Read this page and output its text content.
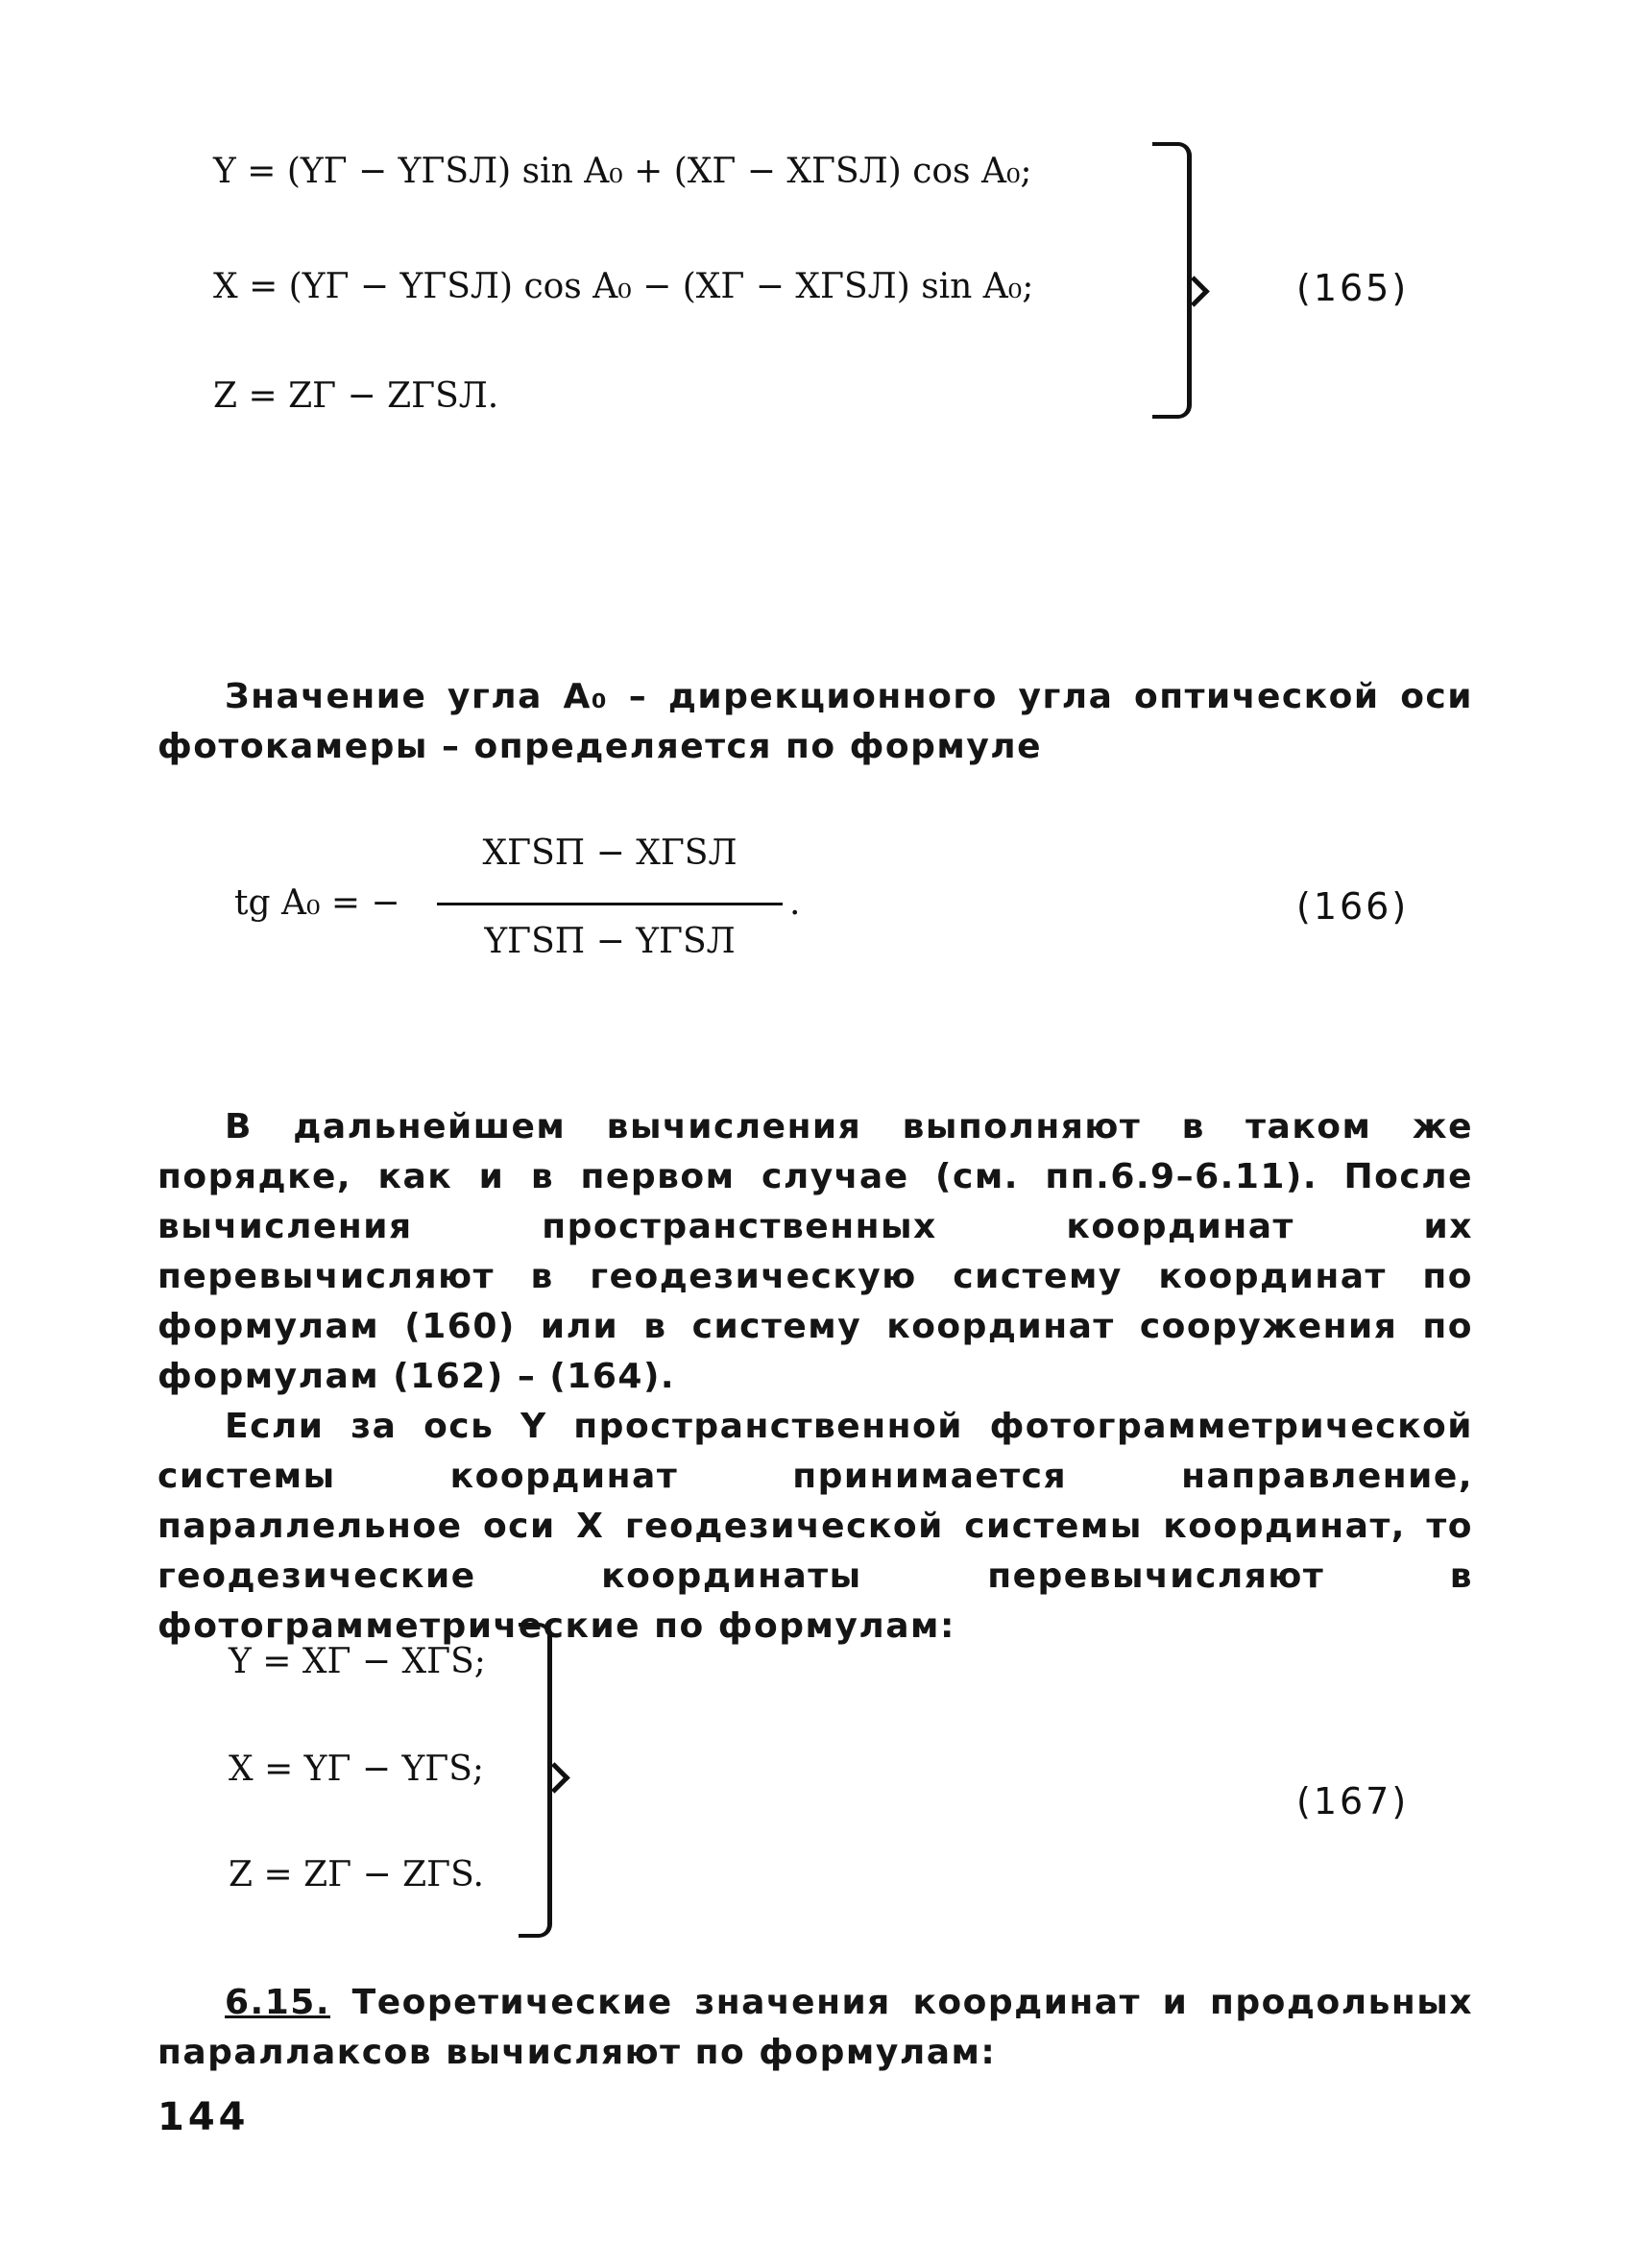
Y = (YΓ − YΓSЛ) sin A₀ + (XΓ − XΓSЛ) cos A₀;
X = (YΓ − YΓSЛ) cos A₀ − (XΓ − XΓSЛ) sin A₀;
Z = ZΓ − ZΓSЛ.
(165)

Значение угла A₀ – дирекционного угла оптической оси фотокамеры – определяется по формуле

tg A₀ = −
XΓSП − XΓSЛ
YΓSП − YΓSЛ
.	(166)

В дальнейшем вычисления выполняют в таком же порядке, как и в первом случае (см. пп.6.9–6.11). После вычисления пространственных координат их перевычисляют в геодезическую систему координат по формулам (160) или в систему координат сооружения по формулам (162) – (164).

Если за ось Y пространственной фотограмметрической системы координат принимается направление, параллельное оси X геодезической системы координат, то геодезические координаты перевычисляют в фотограмметрические по формулам:

Y = XΓ − XΓS;
X = YΓ − YΓS;
Z = ZΓ − ZΓS.
(167)

6.15. Теоретические значения координат и продольных параллаксов вычисляют по формулам:

144
